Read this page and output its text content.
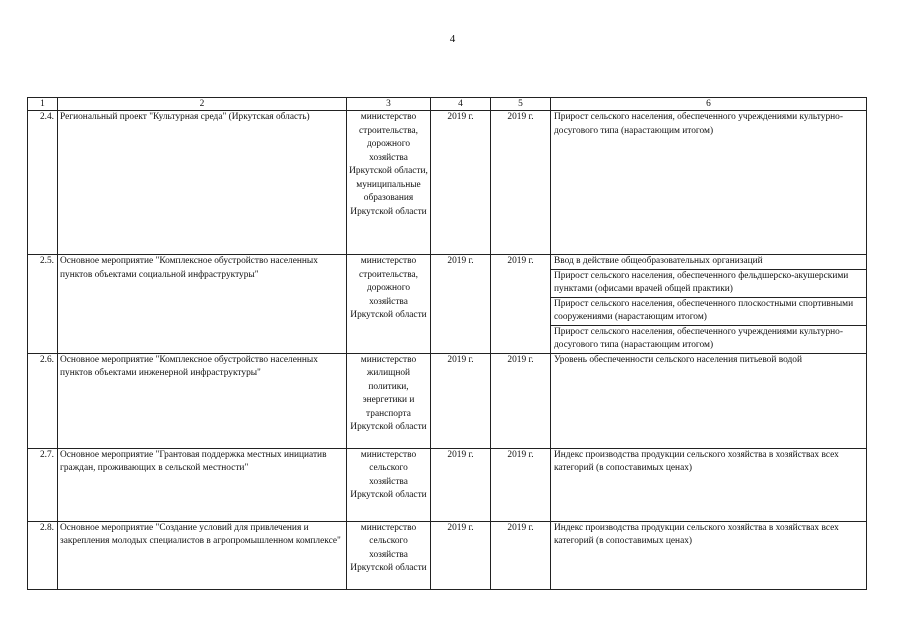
4
1	2	3	4	5	6
2.4.	Региональный проект "Культурная среда" (Иркутская область)	министерство строительства, дорожного хозяйства Иркутской области, муниципальные образования Иркутской области	2019 г.	2019 г.	Прирост сельского населения, обеспеченного учреждениями культурно-досугового типа (нарастающим итогом)

2.5.	Основное мероприятие "Комплексное обустройство населенных пунктов объектами социальной инфраструктуры"	министерство строительства, дорожного хозяйства Иркутской области	2019 г.	2019 г.	Ввод в действие общеобразовательных организаций
Прирост сельского населения, обеспеченного фельдшерско-акушерскими пунктами (офисами врачей общей практики)
Прирост сельского населения, обеспеченного плоскостными спортивными сооружениями (нарастающим итогом)
Прирост сельского населения, обеспеченного учреждениями культурно-досугового типа (нарастающим итогом)

2.6.	Основное мероприятие "Комплексное обустройство населенных пунктов объектами инженерной инфраструктуры"	министерство жилищной политики, энергетики и транспорта Иркутской области	2019 г.	2019 г.	Уровень обеспеченности сельского населения питьевой водой

2.7.	Основное мероприятие "Грантовая поддержка местных инициатив граждан, проживающих в сельской местности"	министерство сельского хозяйства Иркутской области	2019 г.	2019 г.	Индекс производства продукции сельского хозяйства в хозяйствах всех категорий (в сопоставимых ценах)

2.8.	Основное мероприятие "Создание условий для привлечения и закрепления молодых специалистов в агропромышленном комплексе"	министерство сельского хозяйства Иркутской области	2019 г.	2019 г.	Индекс производства продукции сельского хозяйства в хозяйствах всех категорий (в сопоставимых ценах)
